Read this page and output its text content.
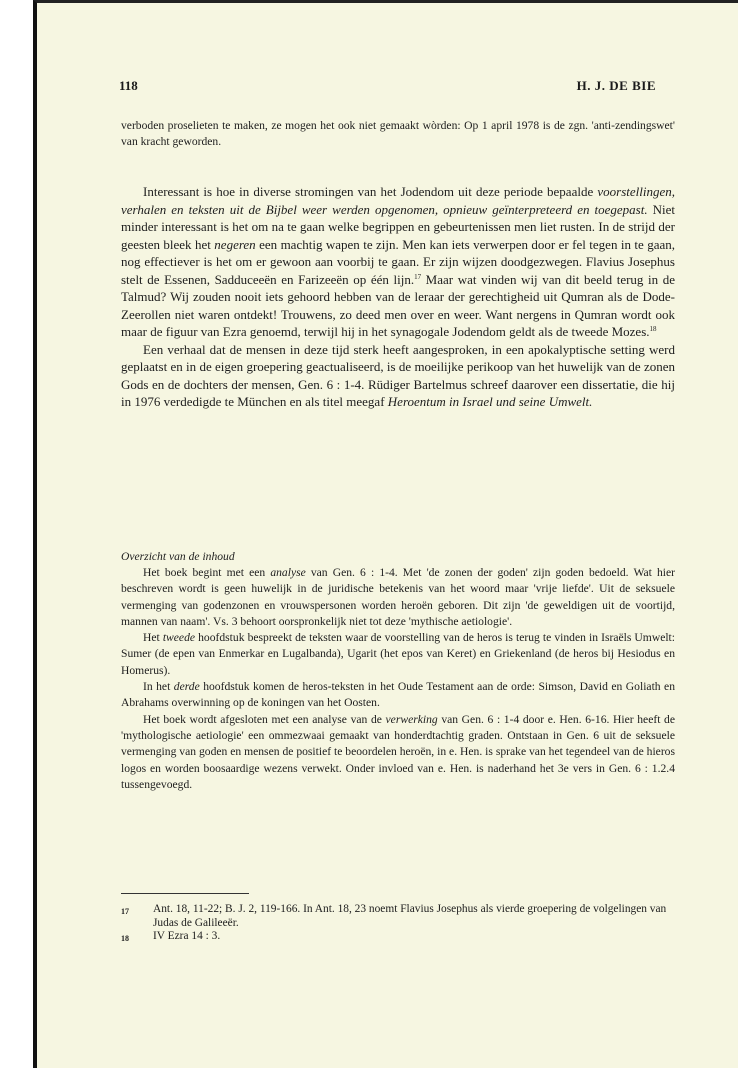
118	H. J. DE BIE

verboden proselieten te maken, ze mogen het ook niet gemaakt wòrden: Op 1 april 1978 is de zgn. 'anti-zendingswet' van kracht geworden.

Interessant is hoe in diverse stromingen van het Jodendom uit deze periode bepaalde voorstellingen, verhalen en teksten uit de Bijbel weer werden opgenomen, opnieuw geïnterpreteerd en toegepast. Niet minder interessant is het om na te gaan welke begrippen en gebeurtenissen men liet rusten. In de strijd der geesten bleek het negeren een machtig wapen te zijn. Men kan iets verwerpen door er fel tegen in te gaan, nog effectiever is het om er gewoon aan voorbij te gaan. Er zijn wijzen doodgezwegen. Flavius Josephus stelt de Essenen, Sadduceeën en Farizeeën op één lijn.$^{17}$ Maar wat vinden wij van dit beeld terug in de Talmud? Wij zouden nooit iets gehoord hebben van de leraar der gerechtigheid uit Qumran als de Dode-Zeerollen niet waren ontdekt! Trouwens, zo deed men over en weer. Want nergens in Qumran wordt ook maar de figuur van Ezra genoemd, terwijl hij in het synagogale Jodendom geldt als de tweede Mozes.$^{18}$

Een verhaal dat de mensen in deze tijd sterk heeft aangesproken, in een apokalyptische setting werd geplaatst en in de eigen groepering geactualiseerd, is de moeilijke perikoop van het huwelijk van de zonen Gods en de dochters der mensen, Gen. 6 : 1-4. Rüdiger Bartelmus schreef daarover een dissertatie, die hij in 1976 verdedigde te München en als titel meegaf Heroentum in Israel und seine Umwelt.

Overzicht van de inhoud

Het boek begint met een analyse van Gen. 6 : 1-4. Met 'de zonen der goden' zijn goden bedoeld. Wat hier beschreven wordt is geen huwelijk in de juridische betekenis van het woord maar 'vrije liefde'. Uit de seksuele vermenging van godenzonen en vrouwspersonen worden heroën geboren. Dit zijn 'de geweldigen uit de voortijd, mannen van naam'. Vs. 3 behoort oorspronkelijk niet tot deze 'mythische aetiologie'.

Het tweede hoofdstuk bespreekt de teksten waar de voorstelling van de heros is terug te vinden in Israëls Umwelt: Sumer (de epen van Enmerkar en Lugalbanda), Ugarit (het epos van Keret) en Griekenland (de heros bij Hesiodus en Homerus).

In het derde hoofdstuk komen de heros-teksten in het Oude Testament aan de orde: Simson, David en Goliath en Abrahams overwinning op de koningen van het Oosten.

Het boek wordt afgesloten met een analyse van de verwerking van Gen. 6 : 1-4 door e. Hen. 6-16. Hier heeft de 'mythologische aetiologie' een ommezwaai gemaakt van honderdtachtig graden. Ontstaan in Gen. 6 uit de seksuele vermenging van goden en mensen de positief te beoordelen heroën, in e. Hen. is sprake van het tegendeel van de hieros logos en worden boosaardige wezens verwekt. Onder invloed van e. Hen. is naderhand het 3e vers in Gen. 6 : 1.2.4 tussengevoegd.

17	Ant. 18, 11-22; B. J. 2, 119-166. In Ant. 18, 23 noemt Flavius Josephus als vierde groepering de volgelingen van Judas de Galileeër.
18	IV Ezra 14 : 3.
